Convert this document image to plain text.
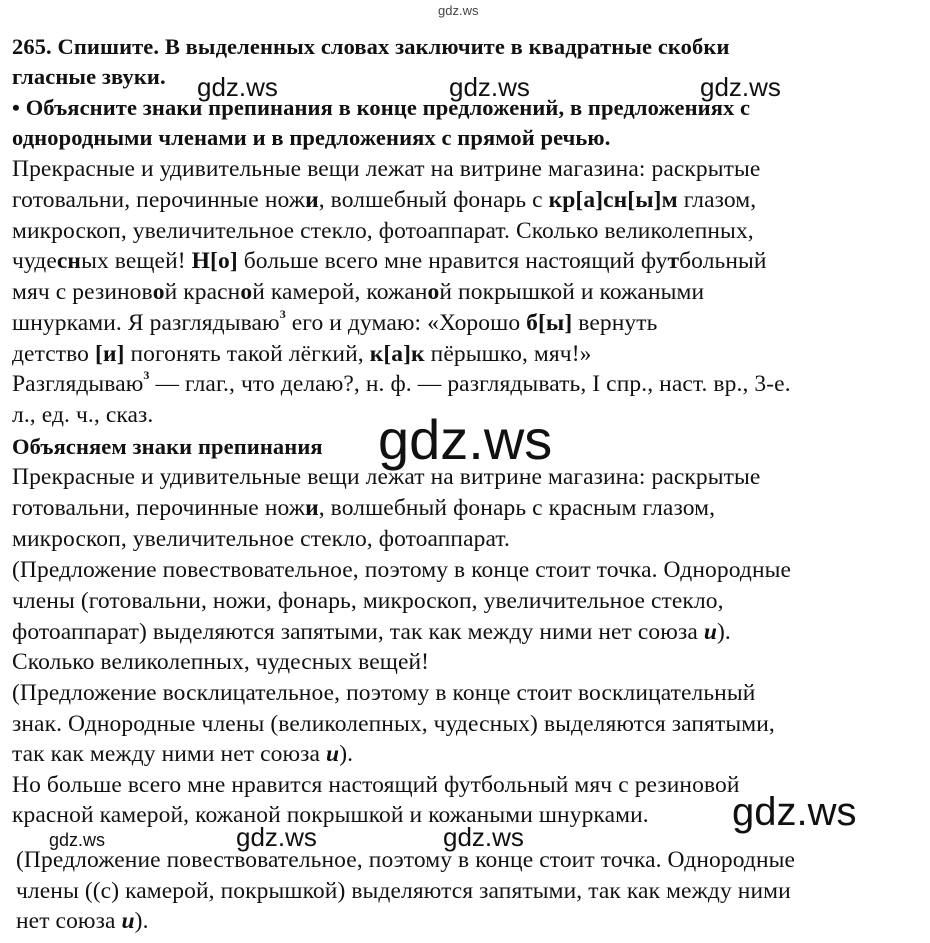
gdz.ws
gdz.ws	gdz.ws	gdz.ws
gdz.ws
gdz.ws
gdz.ws	gdz.ws	gdz.ws
265. Спишите. В выделенных словах заключите в квадратные скобки
гласные звуки.
• Объясните знаки препинания в конце предложений, в предложениях с
однородными членами и в предложениях с прямой речью.
Прекрасные и удивительные вещи лежат на витрине магазина: раскрытые
готовальни, перочинные ножи, волшебный фонарь с кр[а]сн[ы]м глазом,
микроскоп, увеличительное стекло, фотоаппарат. Сколько великолепных,
чудесных вещей! Н[о] больше всего мне нравится настоящий футбольный
мяч с резиновой красной камерой, кожаной покрышкой и кожаными
шнурками. Я разглядываю$^3$ его и думаю: «Хорошо б[ы] вернуть
детство [и] погонять такой лёгкий, к[а]к пёрышко, мяч!»
Разглядываю$^3$ — глаг., что делаю?, н. ф. — разглядывать, I спр., наст. вр., 3-е.
л., ед. ч., сказ.
Объясняем знаки препинания
Прекрасные и удивительные вещи лежат на витрине магазина: раскрытые
готовальни, перочинные ножи, волшебный фонарь с красным глазом,
микроскоп, увеличительное стекло, фотоаппарат.
(Предложение повествовательное, поэтому в конце стоит точка. Однородные
члены (готовальни, ножи, фонарь, микроскоп, увеличительное стекло,
фотоаппарат) выделяются запятыми, так как между ними нет союза и).
Сколько великолепных, чудесных вещей!
(Предложение восклицательное, поэтому в конце стоит восклицательный
знак. Однородные члены (великолепных, чудесных) выделяются запятыми,
так как между ними нет союза и).
Но больше всего мне нравится настоящий футбольный мяч с резиновой
красной камерой, кожаной покрышкой и кожаными шнурками.
(Предложение повествовательное, поэтому в конце стоит точка. Однородные
члены ((с) камерой, покрышкой) выделяются запятыми, так как между ними
нет союза и).
